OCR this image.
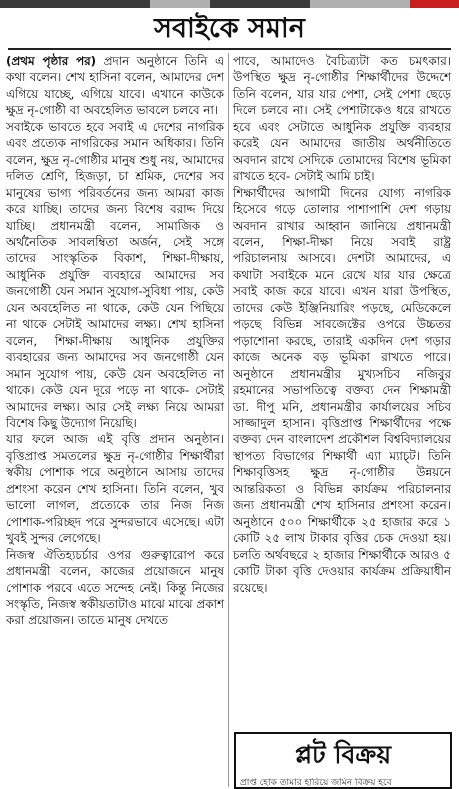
সবাইকে সমান

(প্রথম পৃষ্ঠার পর) প্রদান অনুষ্ঠানে তিনি এ কথা বলেন। শেখ হাসিনা বলেন, আমাদের দেশ এগিয়ে যাচ্ছে, এগিয়ে যাবে। এখানে কাউকে ক্ষুদ্র নৃ-গোষ্ঠী বা অবহেলিত ভাবলে চলবে না।

সবাইকে ভাবতে হবে সবাই এ দেশের নাগরিক এবং প্রত্যেক নাগরিকের সমান অধিকার। তিনি বলেন, ক্ষুদ্র নৃ-গোষ্ঠীর মানুষ শুধু নয়, আমাদের দলিত শ্রেণি, হিজড়া, চা শ্রমিক, দেশের সব মানুষের ভাগ্য পরিবর্তনের জন্য আমরা কাজ করে যাচ্ছি। তাদের জন্য বিশেষ বরাদ্দ দিয়ে যাচ্ছি। প্রধানমন্ত্রী বলেন, সামাজিক ও অর্থনৈতিক সাবলম্বিতা অর্জন, সেই সঙ্গে তাদের সাংস্কৃতিক বিকাশ, শিক্ষা-দীক্ষায়, আধুনিক প্রযুক্তি ব্যবহারে আমাদের সব জনগোষ্ঠী যেন সমান সুযোগ-সুবিধা পায়, কেউ যেন অবহেলিত না থাকে, কেউ যেন পিছিয়ে না থাকে সেটাই আমাদের লক্ষ্য। শেখ হাসিনা বলেন, শিক্ষা-দীক্ষায় আধুনিক প্রযুক্তির ব্যবহারের জন্য আমাদের সব জনগোষ্ঠী যেন সমান সুযোগ পায়, কেউ যেন অবহেলিত না থাকে। কেউ যেন দূরে পড়ে না থাকে- সেটাই আমাদের লক্ষ্য। আর সেই লক্ষ্য নিয়ে আমরা বিশেষ কিছু উদ্যোগ নিয়েছি।

যার ফলে আজ এই বৃত্তি প্রদান অনুষ্ঠান। বৃত্তিপ্রাপ্ত সমতলের ক্ষুদ্র নৃ-গোষ্ঠীর শিক্ষার্থীরা স্বকীয় পোশাক পরে অনুষ্ঠানে আসায় তাদের প্রশংসা করেন শেখ হাসিনা। তিনি বলেন, খুব ভালো লাগল, প্রত্যেকে তার নিজ নিজ পোশাক-পরিচ্ছদ পরে সুন্দরভাবে এসেছে। এটা খুবই সুন্দর লেগেছে।

নিজস্ব ঐতিহ্যচর্চার ওপর গুরুত্বারোপ করে প্রধানমন্ত্রী বলেন, কাজের প্রয়োজনে মানুষ পোশাক পরবে এতে সন্দেহ নেই। কিন্তু নিজের সংস্কৃতি, নিজস্ব স্বকীয়তাটাও মাঝে মাঝে প্রকাশ করা প্রয়োজন। তাতে মানুষ দেখতে

পাবে, আমাদেও বৈচিত্র্যটা কত চমৎকার। উপস্থিত ক্ষুদ্র নৃ-গোষ্ঠীর শিক্ষার্থীদের উদ্দেশে তিনি বলেন, যার যার পেশা, সেই পেশা ছেড়ে দিলে চলবে না। সেই পেশাটাকেও ধরে রাখতে হবে এবং সেটাতে আধুনিক প্রযুক্তি ব্যবহার করেই যেন আমাদের জাতীয় অর্থনীতিতে অবদান রাখে সেদিকে তোমাদের বিশেষ ভূমিকা রাখতে হবে- সেটাই আমি চাই।

শিক্ষার্থীদের আগামী দিনের যোগ্য নাগরিক হিসেবে গড়ে তোলার পাশাপাশি দেশ গড়ায় অবদান রাখার আহ্বান জানিয়ে প্রধানমন্ত্রী বলেন, শিক্ষা-দীক্ষা নিয়ে সবাই রাষ্ট্র পরিচালনায় আসবে। দেশটা আমাদের, এ কথাটা সবাইকে মনে রেখে যার যার ক্ষেত্রে সবাই কাজ করে যাবে। এখন যারা উপস্থিত, তাদের কেউ ইঞ্জিনিয়ারিং পড়ছে, মেডিকেলে পড়ছে বিভিন্ন সাবজেক্টের ওপরে উচ্চতর পড়াশোনা করছে, তারাই একদিন দেশ গড়ার কাজে অনেক বড় ভূমিকা রাখতে পারে। অনুষ্ঠানে প্রধানমন্ত্রীর মুখ্যসচিব নজিবুর রহমানের সভাপতিত্বে বক্তব্য দেন শিক্ষামন্ত্রী ডা. দীপু মনি, প্রধানমন্ত্রীর কার্যালয়ের সচিব সাজ্জাদুল হাসান। বৃত্তিপ্রাপ্ত শিক্ষার্থীদের পক্ষে বক্তব্য দেন বাংলাদেশ প্রকৌশল বিশ্ববিদ্যালয়ের স্থাপত্য বিভাগের শিক্ষার্থী এ্যা ম্যাচ্ট। তিনি শিক্ষাবৃত্তিসহ ক্ষুদ্র নৃ-গোষ্ঠীর উন্নয়নে আন্তরিকতা ও বিভিন্ন কার্যক্রম পরিচালনার জন্য প্রধানমন্ত্রী শেখ হাসিনার প্রশংসা করেন। অনুষ্ঠানে ৫০০ শিক্ষার্থীকে ২৫ হাজার করে ১ কোটি ২৫ লাখ টাকার বৃত্তির চেক দেওয়া হয়। চলতি অর্থবছরে ২ হাজার শিক্ষার্থীকে আরও ৫ কোটি টাকা বৃত্তি দেওয়ার কার্যক্রম প্রক্রিয়াধীন রয়েছে।

প্লট বিক্রয়
প্রাপ্ত হোক তামার হারিয়ে জমিন বিক্রয় হবে
